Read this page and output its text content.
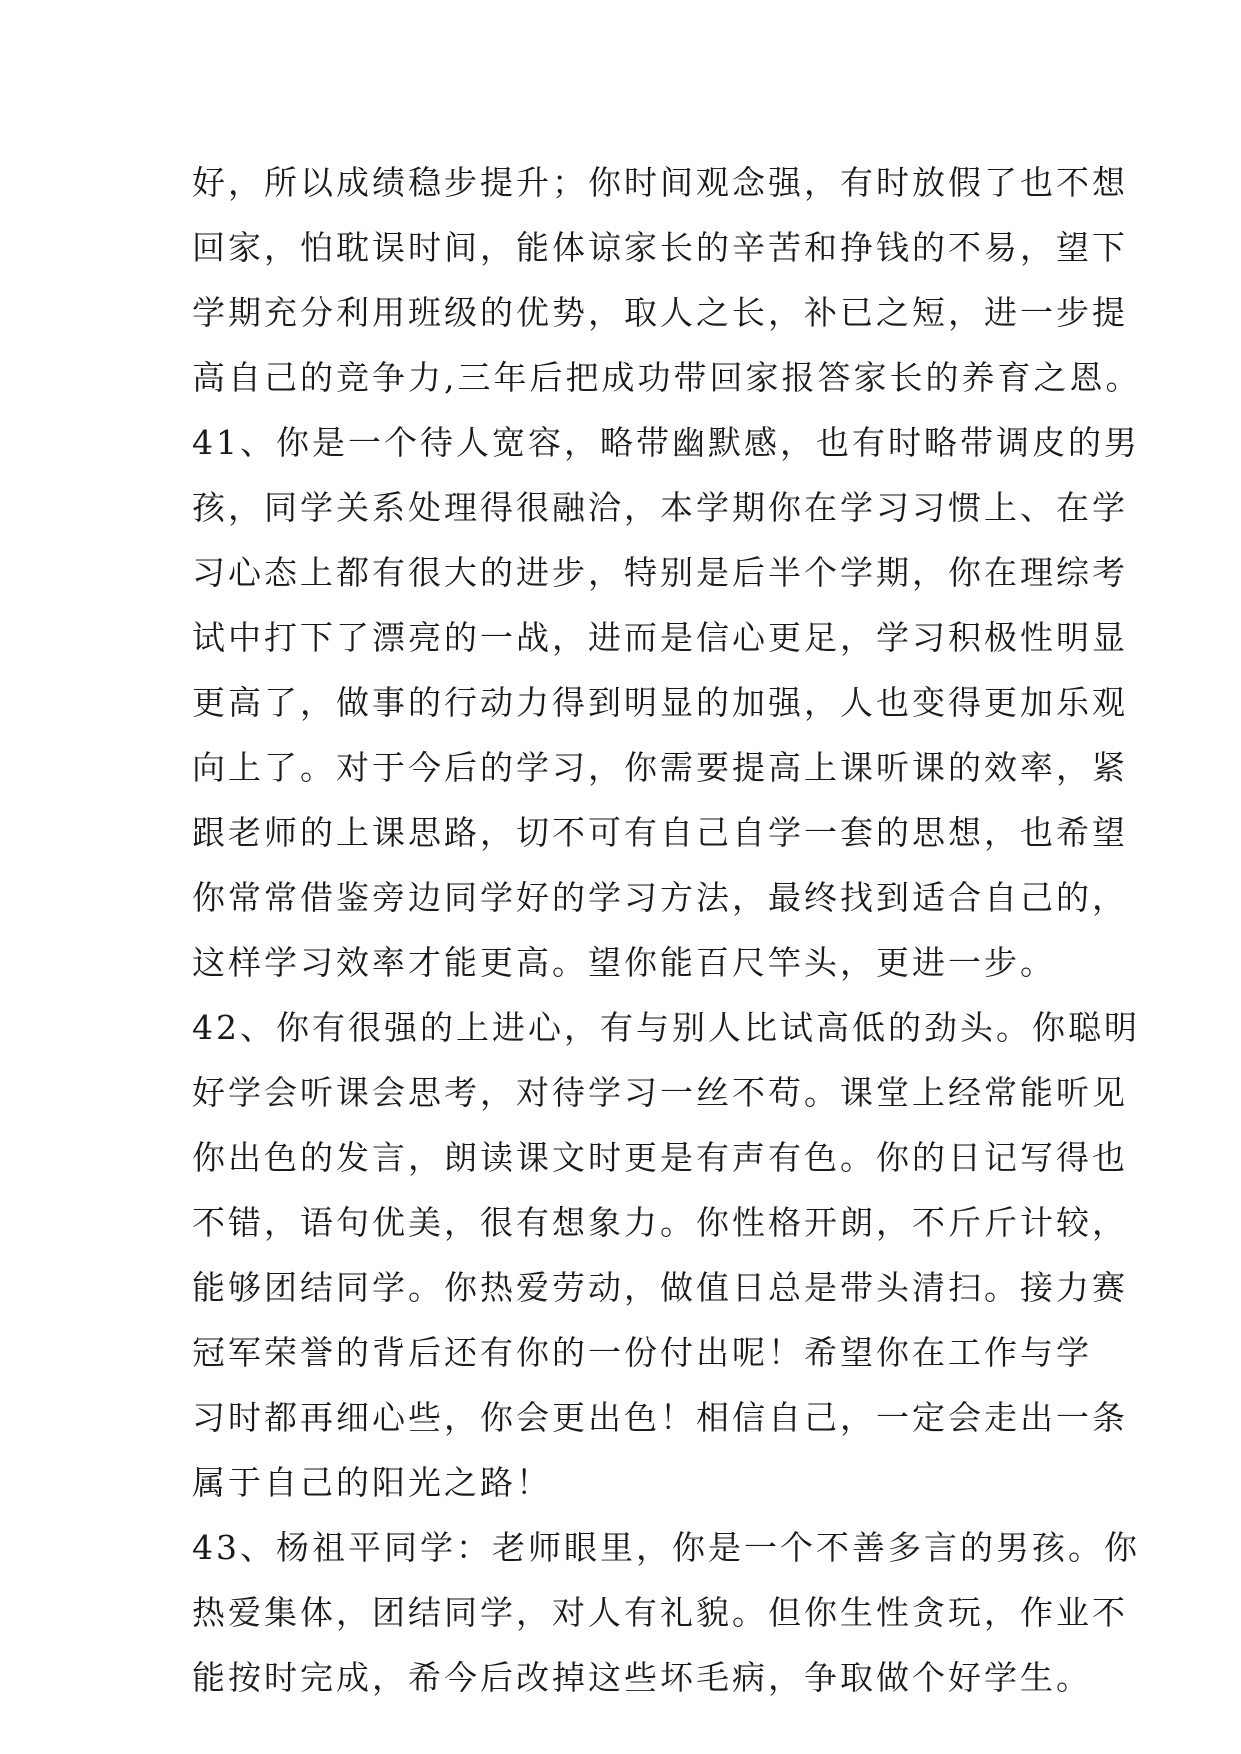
好，所以成绩稳步提升；你时间观念强，有时放假了也不想
回家，怕耽误时间，能体谅家长的辛苦和挣钱的不易，望下
学期充分利用班级的优势，取人之长，补已之短，进一步提
高自己的竞争力,三年后把成功带回家报答家长的养育之恩。
41、你是一个待人宽容，略带幽默感，也有时略带调皮的男
孩，同学关系处理得很融洽，本学期你在学习习惯上、在学
习心态上都有很大的进步，特别是后半个学期，你在理综考
试中打下了漂亮的一战，进而是信心更足，学习积极性明显
更高了，做事的行动力得到明显的加强，人也变得更加乐观
向上了。对于今后的学习，你需要提高上课听课的效率，紧
跟老师的上课思路，切不可有自己自学一套的思想，也希望
你常常借鉴旁边同学好的学习方法，最终找到适合自己的，
这样学习效率才能更高。望你能百尺竿头，更进一步。
42、你有很强的上进心，有与别人比试高低的劲头。你聪明
好学会听课会思考，对待学习一丝不苟。课堂上经常能听见
你出色的发言，朗读课文时更是有声有色。你的日记写得也
不错，语句优美，很有想象力。你性格开朗，不斤斤计较，
能够团结同学。你热爱劳动，做值日总是带头清扫。接力赛
冠军荣誉的背后还有你的一份付出呢！希望你在工作与学
习时都再细心些，你会更出色！相信自己，一定会走出一条
属于自己的阳光之路！
43、杨祖平同学：老师眼里，你是一个不善多言的男孩。你
热爱集体，团结同学，对人有礼貌。但你生性贪玩，作业不
能按时完成，希今后改掉这些坏毛病，争取做个好学生。
